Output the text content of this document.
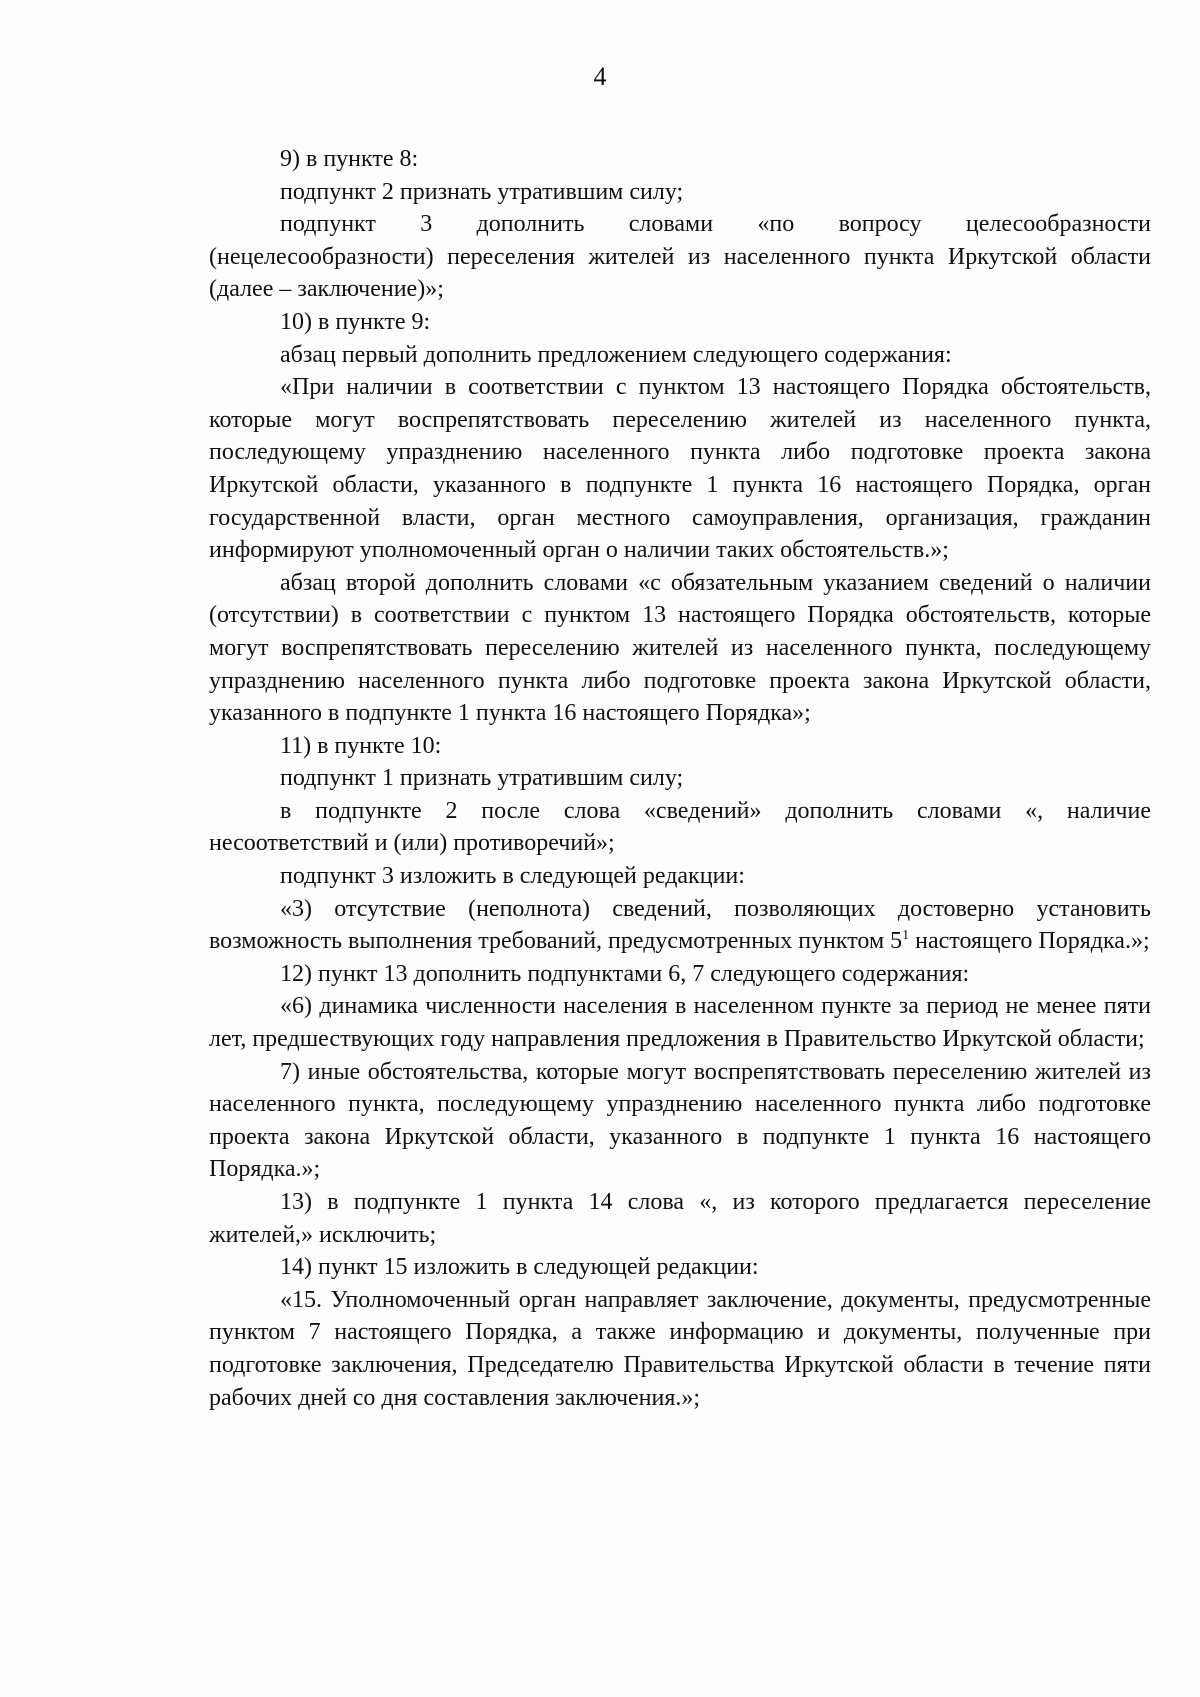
4

9) в пункте 8:

подпункт 2 признать утратившим силу;

подпункт 3 дополнить словами «по вопросу целесообразности (нецелесообразности) переселения жителей из населенного пункта Иркутской области (далее – заключение)»;

10) в пункте 9:

абзац первый дополнить предложением следующего содержания:

«При наличии в соответствии с пунктом 13 настоящего Порядка обстоятельств, которые могут воспрепятствовать переселению жителей из населенного пункта, последующему упразднению населенного пункта либо подготовке проекта закона Иркутской области, указанного в подпункте 1 пункта 16 настоящего Порядка, орган государственной власти, орган местного самоуправления, организация, гражданин информируют уполномоченный орган о наличии таких обстоятельств.»;

абзац второй дополнить словами «с обязательным указанием сведений о наличии (отсутствии) в соответствии с пунктом 13 настоящего Порядка обстоятельств, которые могут воспрепятствовать переселению жителей из населенного пункта, последующему упразднению населенного пункта либо подготовке проекта закона Иркутской области, указанного в подпункте 1 пункта 16 настоящего Порядка»;

11) в пункте 10:

подпункт 1 признать утратившим силу;

в подпункте 2 после слова «сведений» дополнить словами «, наличие несоответствий и (или) противоречий»;

подпункт 3 изложить в следующей редакции:

«3) отсутствие (неполнота) сведений, позволяющих достоверно установить возможность выполнения требований, предусмотренных пунктом $5^1$ настоящего Порядка.»;

12) пункт 13 дополнить подпунктами 6, 7 следующего содержания:

«6) динамика численности населения в населенном пункте за период не менее пяти лет, предшествующих году направления предложения в Правительство Иркутской области;

7) иные обстоятельства, которые могут воспрепятствовать переселению жителей из населенного пункта, последующему упразднению населенного пункта либо подготовке проекта закона Иркутской области, указанного в подпункте 1 пункта 16 настоящего Порядка.»;

13) в подпункте 1 пункта 14 слова «, из которого предлагается переселение жителей,» исключить;

14) пункт 15 изложить в следующей редакции:

«15. Уполномоченный орган направляет заключение, документы, предусмотренные пунктом 7 настоящего Порядка, а также информацию и документы, полученные при подготовке заключения, Председателю Правительства Иркутской области в течение пяти рабочих дней со дня составления заключения.»;
